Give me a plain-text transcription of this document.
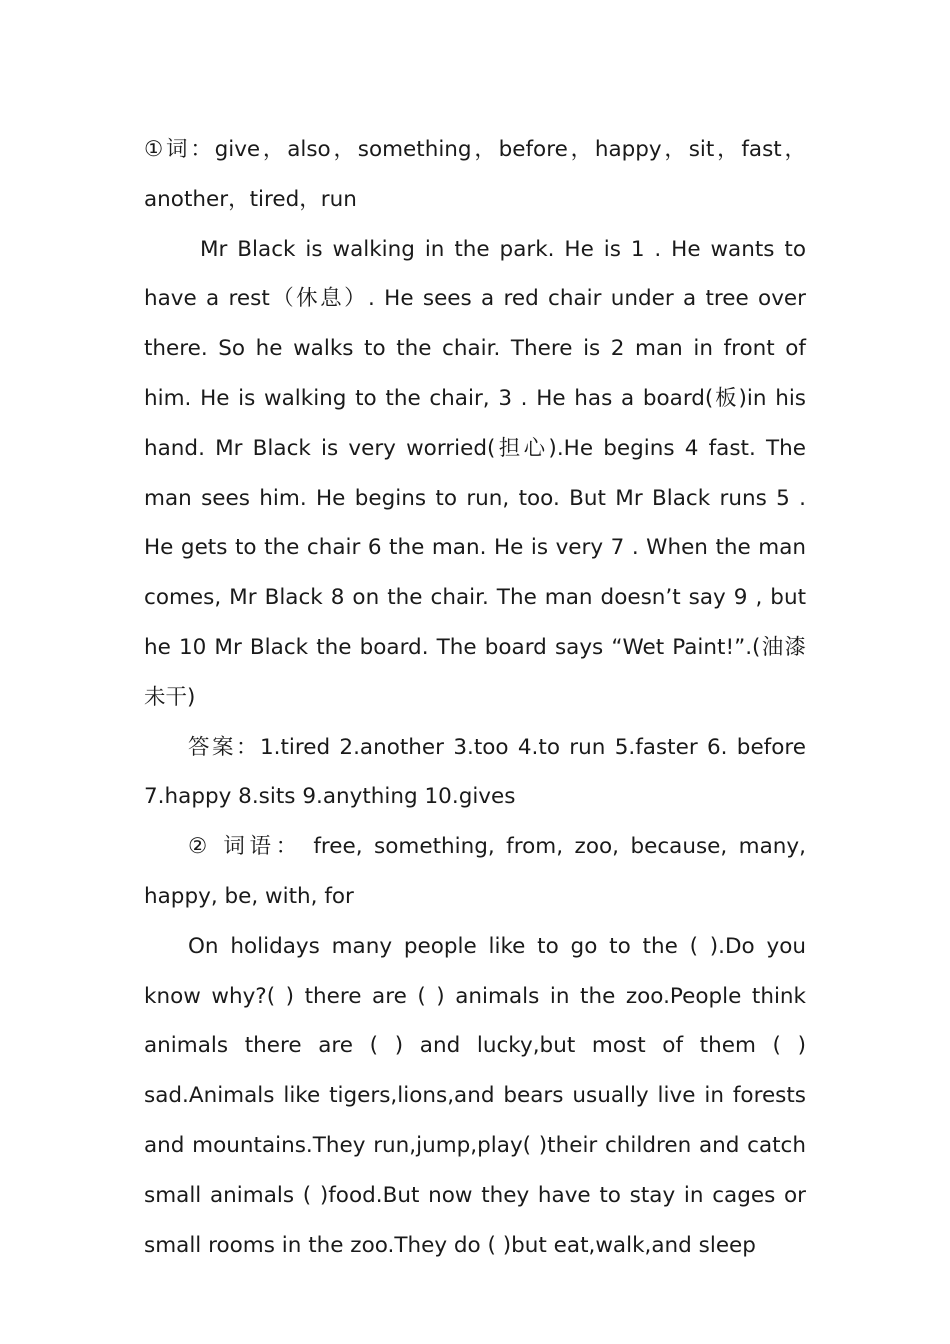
①词：give，also，something，before，happy，sit，fast，another，tired，run

Mr Black is walking in the park. He is 1 . He wants to have a rest（休息）. He sees a red chair under a tree over there. So he walks to the chair. There is 2 man in front of him. He is walking to the chair, 3 . He has a board(板)in his hand. Mr Black is very worried(担心).He begins 4 fast. The man sees him. He begins to run, too. But Mr Black runs 5 . He gets to the chair 6 the man. He is very 7 . When the man comes, Mr Black 8 on the chair. The man doesn’t say 9 , but he 10 Mr Black the board. The board says “Wet Paint!”.(油漆未干)

答案：1.tired 2.another 3.too 4.to run 5.faster 6. before 7.happy 8.sits 9.anything 10.gives

② 词语： free, something, from, zoo, because, many, happy, be, with, for

On holidays many people like to go to the ( ).Do you know why?( ) there are ( ) animals in the zoo.People think animals there are ( ) and lucky,but most of them ( ) sad.Animals like tigers,lions,and bears usually live in forests and mountains.They run,jump,play( )their children and catch small animals ( )food.But now they have to stay in cages or small rooms in the zoo.They do ( )but eat,walk,and sleep
